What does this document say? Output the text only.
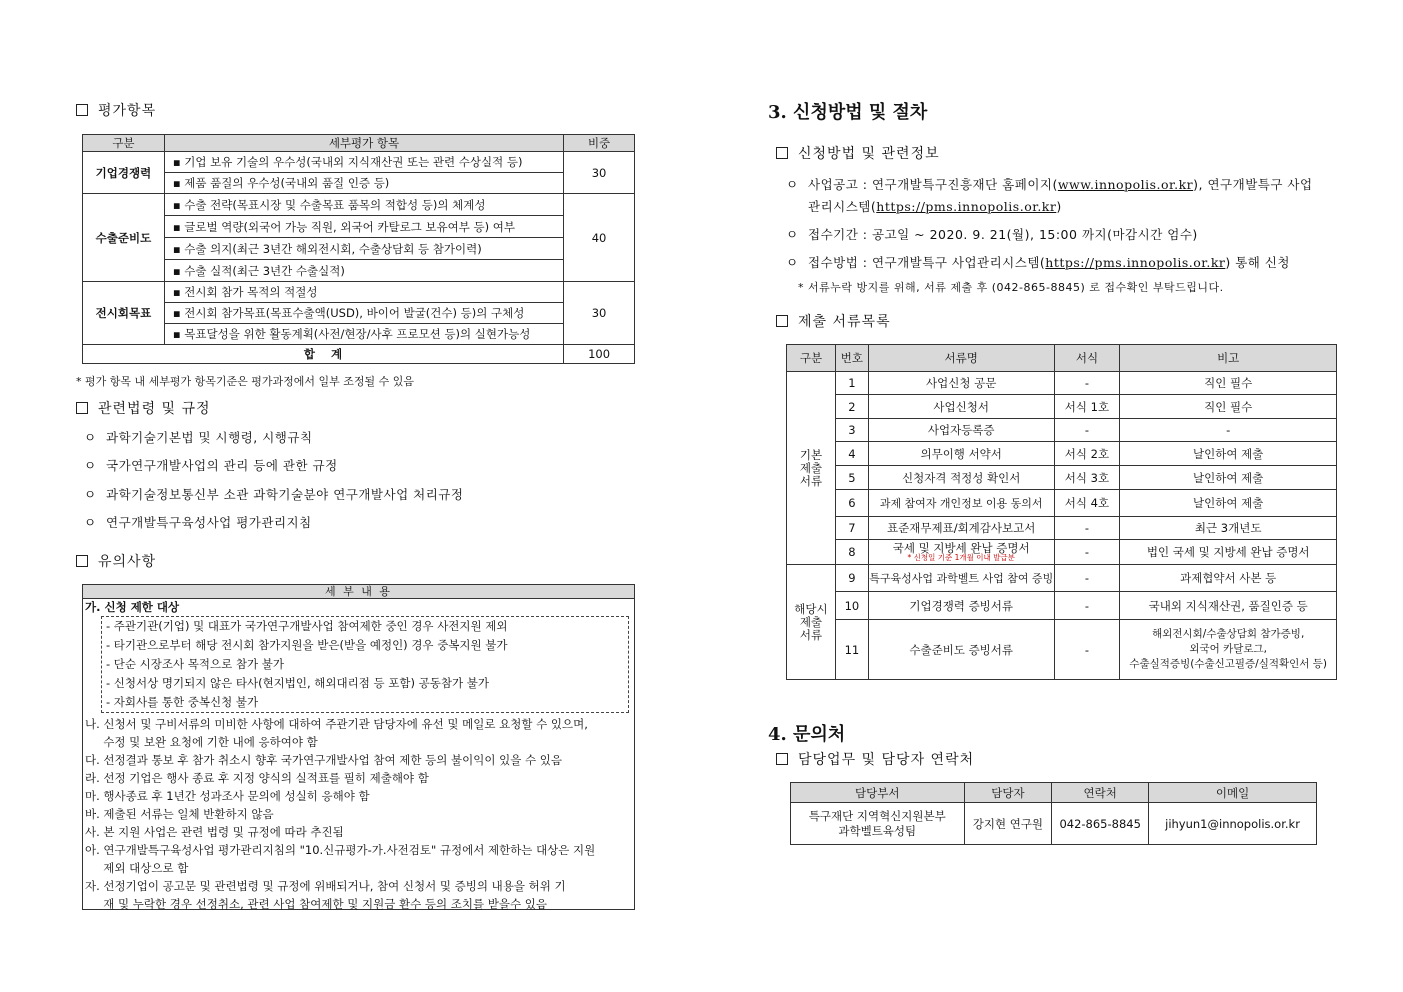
평가항목
구분	세부평가 항목	비중
기업경쟁력	▪ 기업 보유 기술의 우수성(국내외 지식재산권 또는 관련 수상실적 등)	30
	▪ 제품 품질의 우수성(국내외 품질 인증 등)	
수출준비도	▪ 수출 전략(목표시장 및 수출목표 품목의 적합성 등)의 체계성	40
	▪ 글로벌 역량(외국어 가능 직원, 외국어 카탈로그 보유여부 등) 여부	
	▪ 수출 의지(최근 3년간 해외전시회, 수출상담회 등 참가이력)	
	▪ 수출 실적(최근 3년간 수출실적)	
전시회목표	▪ 전시회 참가 목적의 적절성	30
	▪ 전시회 참가목표(목표수출액(USD), 바이어 발굴(건수) 등)의 구체성	
	▪ 목표달성을 위한 활동계획(사전/현장/사후 프로모션 등)의 실현가능성	
합    계		100
* 평가 항목 내 세부평가 항목기준은 평가과정에서 일부 조정될 수 있음
관련법령 및 규정
ㅇ 과학기술기본법 및 시행령, 시행규칙
ㅇ 국가연구개발사업의 관리 등에 관한 규정
ㅇ 과학기술정보통신부 소관 과학기술분야 연구개발사업 처리규정
ㅇ 연구개발특구육성사업 평가관리지침
유의사항
세 부 내 용
가. 신청 제한 대상
- 주관기관(기업) 및 대표가 국가연구개발사업 참여제한 중인 경우 사전지원 제외
- 타기관으로부터 해당 전시회 참가지원을 받은(받을 예정인) 경우 중복지원 불가
- 단순 시장조사 목적으로 참가 불가
- 신청서상 명기되지 않은 타사(현지법인, 해외대리점 등 포함) 공동참가 불가
- 자회사를 통한 중복신청 불가
나. 신청서 및 구비서류의 미비한 사항에 대하여 주관기관 담당자에 유선 및 메일로 요청할 수 있으며,
수정 및 보완 요청에 기한 내에 응하여야 함
다. 선정결과 통보 후 참가 취소시 향후 국가연구개발사업 참여 제한 등의 불이익이 있을 수 있음
라. 선정 기업은 행사 종료 후 지정 양식의 실적표를 필히 제출해야 함
마. 행사종료 후 1년간 성과조사 문의에 성실히 응해야 함
바. 제출된 서류는 일체 반환하지 않음
사. 본 지원 사업은 관련 법령 및 규정에 따라 추진됨
아. 연구개발특구육성사업 평가관리지침의 "10.신규평가-가.사전검토" 규정에서 제한하는 대상은 지원
제외 대상으로 함
자. 선정기업이 공고문 및 관련법령 및 규정에 위배되거나, 참여 신청서 및 증빙의 내용을 허위 기
재 및 누락한 경우 선정취소, 관련 사업 참여제한 및 지원금 환수 등의 조치를 받을수 있음
3. 신청방법 및 절차
신청방법 및 관련정보
ㅇ 사업공고 : 연구개발특구진흥재단 홈페이지(www.innopolis.or.kr), 연구개발특구 사업
관리시스템(https://pms.innopolis.or.kr)
ㅇ 접수기간 : 공고일 ~ 2020. 9. 21(월), 15:00 까지(마감시간 엄수)
ㅇ 접수방법 : 연구개발특구 사업관리시스템(https://pms.innopolis.or.kr) 통해 신청
* 서류누락 방지를 위해, 서류 제출 후 (042-865-8845) 로 접수확인 부탁드립니다.
제출 서류목록
구분	번호	서류명	서식	비고
기본
제출
서류	1	사업신청 공문	-	직인 필수
	2	사업신청서	서식 1호	직인 필수
	3	사업자등록증	-	-
	4	의무이행 서약서	서식 2호	날인하여 제출
	5	신청자격 적정성 확인서	서식 3호	날인하여 제출
	6	과제 참여자 개인정보 이용 동의서	서식 4호	날인하여 제출
	7	표준재무제표/회계감사보고서	-	최근 3개년도
	8	국세 및 지방세 완납 증명서
* 신청일 기준 1개월 이내 발급분	-	법인 국세 및 지방세 완납 증명서
해당시
제출
서류	9	특구육성사업 과학벨트 사업 참여 증빙	-	과제협약서 사본 등
	10	기업경쟁력 증빙서류	-	국내외 지식재산권, 품질인증 등
	11	수출준비도 증빙서류	-	해외전시회/수출상담회 참가증빙,
외국어 카달로그,
수출실적증빙(수출신고필증/실적확인서 등)
4. 문의처
담당업무 및 담당자 연락처
담당부서	담당자	연락처	이메일
특구재단 지역혁신지원본부
과학벨트육성팀	강지현 연구원	042-865-8845	jihyun1@innopolis.or.kr
